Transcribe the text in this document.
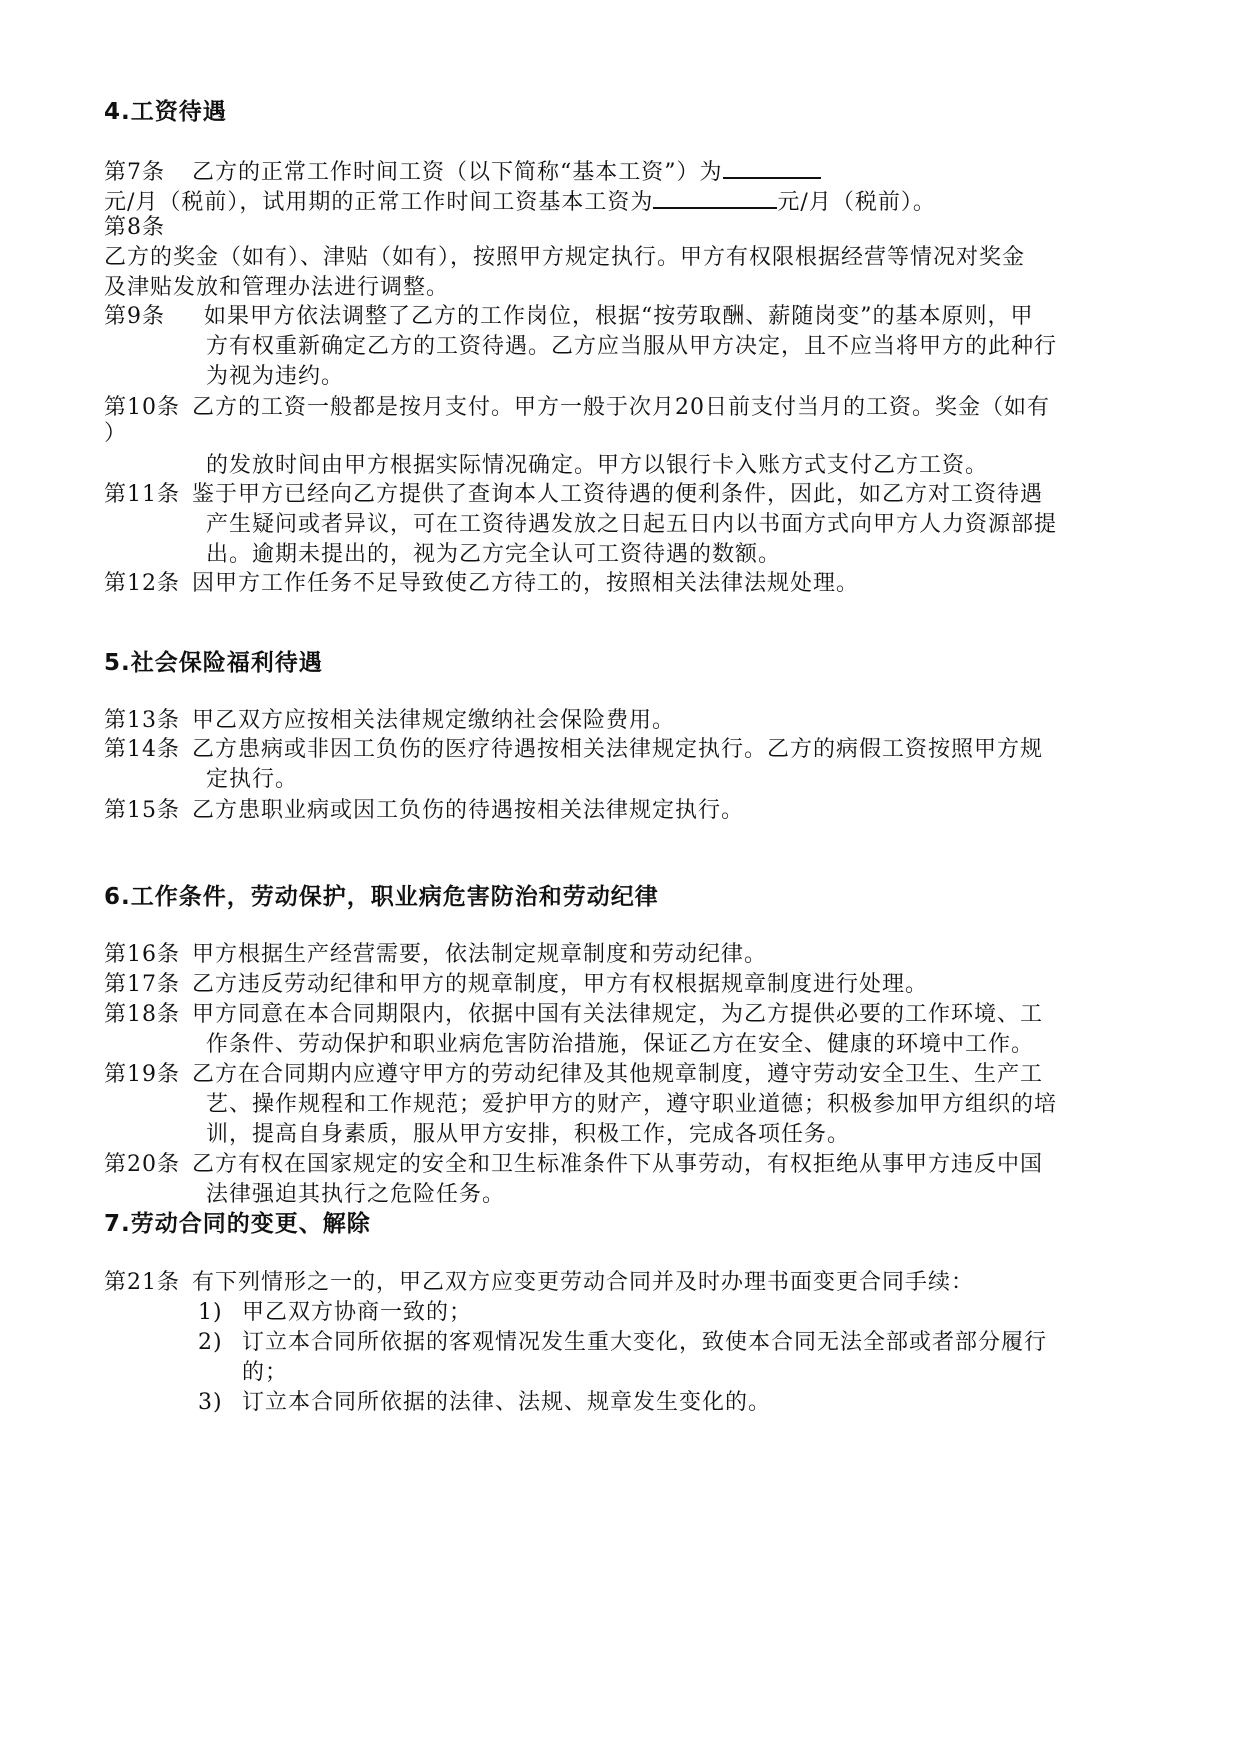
4.工资待遇
第7条 乙方的正常工作时间工资（以下简称“基本工资”）为
元/月（税前），试用期的正常工作时间工资基本工资为	元/月（税前）。
第8条
乙方的奖金（如有）、津贴（如有），按照甲方规定执行。甲方有权限根据经营等情况对奖金
及津贴发放和管理办法进行调整。
第9条 如果甲方依法调整了乙方的工作岗位，根据“按劳取酬、薪随岗变”的基本原则，甲
方有权重新确定乙方的工资待遇。乙方应当服从甲方决定，且不应当将甲方的此种行
为视为违约。
第10条 乙方的工资一般都是按月支付。甲方一般于次月20日前支付当月的工资。奖金（如有
）
的发放时间由甲方根据实际情况确定。甲方以银行卡入账方式支付乙方工资。
第11条 鉴于甲方已经向乙方提供了查询本人工资待遇的便利条件，因此，如乙方对工资待遇
产生疑问或者异议，可在工资待遇发放之日起五日内以书面方式向甲方人力资源部提
出。逾期未提出的，视为乙方完全认可工资待遇的数额。
第12条 因甲方工作任务不足导致使乙方待工的，按照相关法律法规处理。
5.社会保险福利待遇
第13条 甲乙双方应按相关法律规定缴纳社会保险费用。
第14条 乙方患病或非因工负伤的医疗待遇按相关法律规定执行。乙方的病假工资按照甲方规
定执行。
第15条 乙方患职业病或因工负伤的待遇按相关法律规定执行。
6.工作条件，劳动保护，职业病危害防治和劳动纪律
第16条 甲方根据生产经营需要，依法制定规章制度和劳动纪律。
第17条 乙方违反劳动纪律和甲方的规章制度，甲方有权根据规章制度进行处理。
第18条 甲方同意在本合同期限内，依据中国有关法律规定，为乙方提供必要的工作环境、工
作条件、劳动保护和职业病危害防治措施，保证乙方在安全、健康的环境中工作。
第19条 乙方在合同期内应遵守甲方的劳动纪律及其他规章制度，遵守劳动安全卫生、生产工
艺、操作规程和工作规范；爱护甲方的财产，遵守职业道德；积极参加甲方组织的培
训，提高自身素质，服从甲方安排，积极工作，完成各项任务。
第20条 乙方有权在国家规定的安全和卫生标准条件下从事劳动，有权拒绝从事甲方违反中国
法律强迫其执行之危险任务。
7.劳动合同的变更、解除
第21条 有下列情形之一的，甲乙双方应变更劳动合同并及时办理书面变更合同手续：
1) 甲乙双方协商一致的；
2) 订立本合同所依据的客观情况发生重大变化，致使本合同无法全部或者部分履行
的；
3) 订立本合同所依据的法律、法规、规章发生变化的。
